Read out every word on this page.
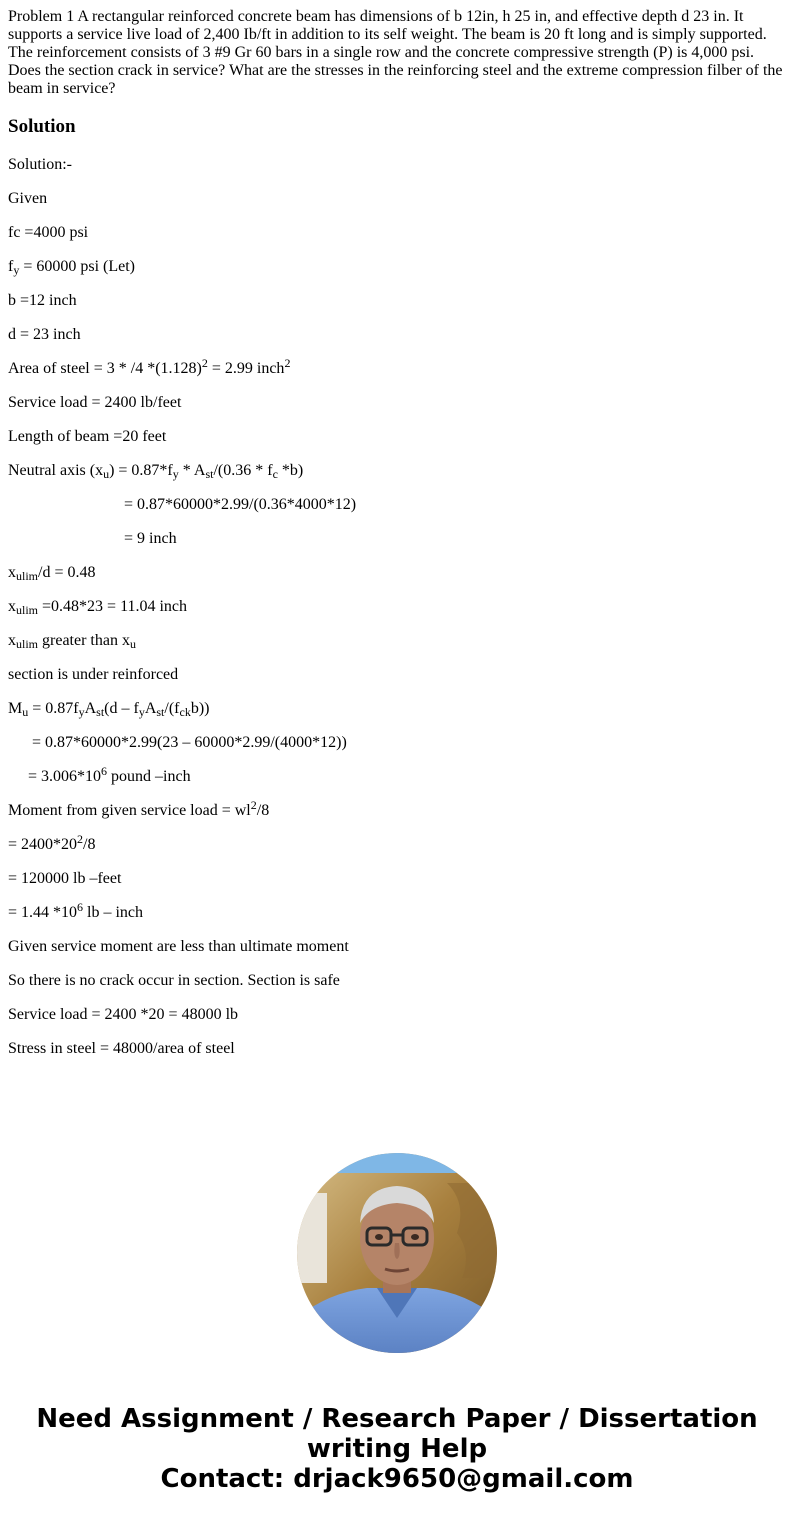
Problem 1 A rectangular reinforced concrete beam has dimensions of b 12in, h 25 in, and effective depth d 23 in. It supports a service live load of 2,400 Ib/ft in addition to its self weight. The beam is 20 ft long and is simply supported. The reinforcement consists of 3 #9 Gr 60 bars in a single row and the concrete compressive strength (P) is 4,000 psi. Does the section crack in service? What are the stresses in the reinforcing steel and the extreme compression filber of the beam in service?

Solution
Solution:-
Given
fc =4000 psi
$f_y = 60000$ psi (Let)
b =12 inch
d = 23 inch
Area of steel = 3 * /4 $*(1.128)^2 = 2.99$ inch$^2$
Service load = 2400 lb/feet
Length of beam =20 feet
Neutral axis $(x_u) = 0.87*f_y * A_{st}/(0.36 * f_c$ *b)
= 0.87*60000*2.99/(0.36*4000*12)
= 9 inch
$x_{ulim}/d = 0.48$
$x_{ulim} =0.48*23 = 11.04$ inch
$x_{ulim}$ greater than $x_u$
section is under reinforced
$M_u = 0.87f_yA_{st}(d - f_yA_{st}/(f_{ck}b))$
= 0.87*60000*2.99(23 – 60000*2.99/(4000*12))
= $3.006*10^6$ pound –inch
Moment from given service load = $wl^2/8$
= $2400*20^2/8$
= 120000 lb –feet
= 1.44 $*10^6$ lb – inch
Given service moment are less than ultimate moment
So there is no crack occur in section. Section is safe
Service load = 2400 *20 = 48000 lb
Stress in steel = 48000/area of steel
Need Assignment / Research Paper / Dissertation
writing Help
Contact: drjack9650@gmail.com
